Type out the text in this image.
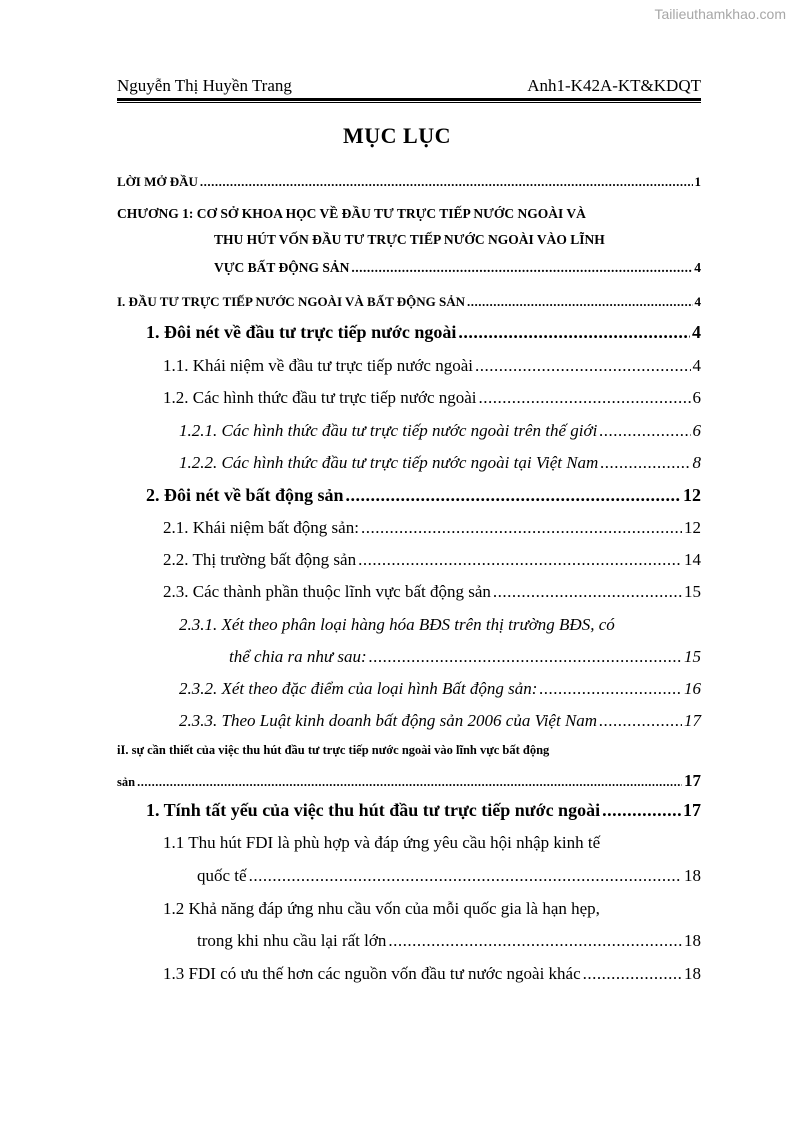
Tailieuthamkhao.com
Nguyễn Thị Huyền Trang	Anh1-K42A-KT&KDQT
MỤC LỤC
LỜI MỞ ĐẦU .....	1
CHƯƠNG 1: CƠ SỞ KHOA HỌC VỀ ĐẦU TƯ TRỰC TIẾP NƯỚC NGOÀI VÀ
THU HÚT VỐN ĐẦU TƯ TRỰC TIẾP NƯỚC NGOÀI VÀO LĨNH
VỰC BẤT ĐỘNG SẢN .....	4
I. ĐẦU TƯ TRỰC TIẾP NƯỚC NGOÀI VÀ BẤT ĐỘNG SẢN .....	4
1. Đôi nét về đầu tư trực tiếp nước ngoài .....	4
1.1. Khái niệm về đầu tư trực tiếp nước ngoài .....	4
1.2. Các hình thức đầu tư trực tiếp nước ngoài .....	6
1.2.1. Các hình thức đầu tư trực tiếp nước ngoài trên thế giới .....	6
1.2.2. Các hình thức đầu tư trực tiếp nước ngoài tại Việt Nam .....	8
2. Đôi nét về bất động sản .....	12
2.1. Khái niệm bất động sản: .....	12
2.2. Thị trường bất động sản .....	14
2.3. Các thành phần thuộc lĩnh vực bất động sản .....	15
2.3.1. Xét theo phân loại hàng hóa BĐS trên thị trường BĐS, có
thể chia ra như sau: .....	15
2.3.2. Xét theo đặc điểm của loại hình Bất động sản: .....	16
2.3.3. Theo Luật kinh doanh bất động sản 2006 của Việt Nam .....	17
iI. sự cần thiết của việc thu hút đầu tư trực tiếp nước ngoài vào lĩnh vực bất động
sản .....	17
1. Tính tất yếu của việc thu hút đầu tư trực tiếp nước ngoài .....	17
1.1 Thu hút FDI là phù hợp và đáp ứng yêu cầu hội nhập kinh tế
quốc tế .....	18
1.2 Khả năng đáp ứng nhu cầu vốn của mỗi quốc gia là hạn hẹp,
trong khi nhu cầu lại rất lớn .....	18
1.3 FDI có ưu thế hơn các nguồn vốn đầu tư nước ngoài khác .....	18
